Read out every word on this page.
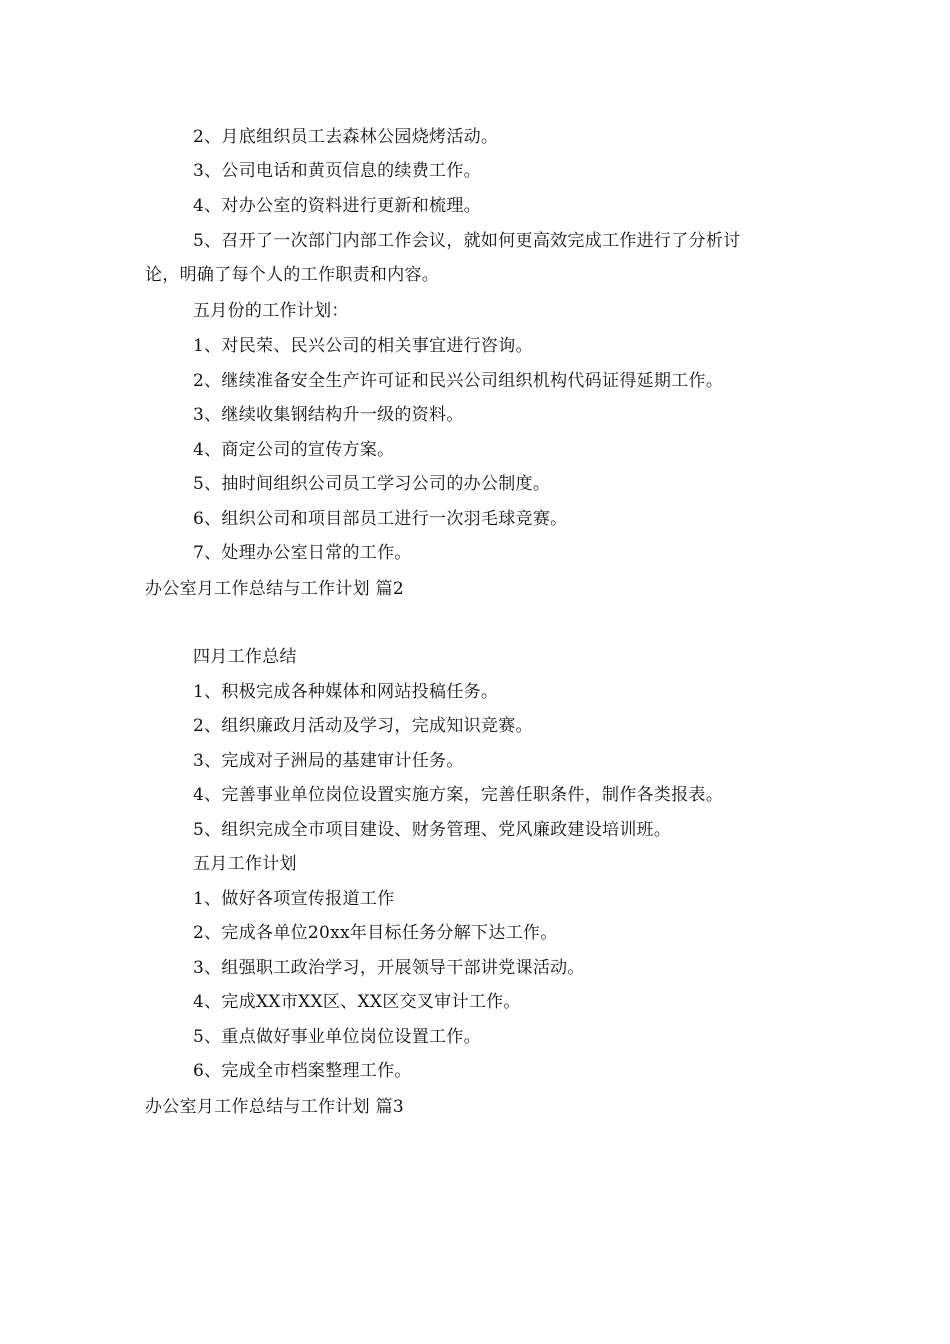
2、月底组织员工去森林公园烧烤活动。
3、公司电话和黄页信息的续费工作。
4、对办公室的资料进行更新和梳理。
5、召开了一次部门内部工作会议，就如何更高效完成工作进行了分析讨
论，明确了每个人的工作职责和内容。
五月份的工作计划：
1、对民荣、民兴公司的相关事宜进行咨询。
2、继续准备安全生产许可证和民兴公司组织机构代码证得延期工作。
3、继续收集钢结构升一级的资料。
4、商定公司的宣传方案。
5、抽时间组织公司员工学习公司的办公制度。
6、组织公司和项目部员工进行一次羽毛球竞赛。
7、处理办公室日常的工作。
办公室月工作总结与工作计划 篇2
四月工作总结
1、积极完成各种媒体和网站投稿任务。
2、组织廉政月活动及学习，完成知识竞赛。
3、完成对子洲局的基建审计任务。
4、完善事业单位岗位设置实施方案，完善任职条件，制作各类报表。
5、组织完成全市项目建设、财务管理、党风廉政建设培训班。
五月工作计划
1、做好各项宣传报道工作
2、完成各单位20xx年目标任务分解下达工作。
3、组强职工政治学习，开展领导干部讲党课活动。
4、完成XX市XX区、XX区交叉审计工作。
5、重点做好事业单位岗位设置工作。
6、完成全市档案整理工作。
办公室月工作总结与工作计划 篇3
